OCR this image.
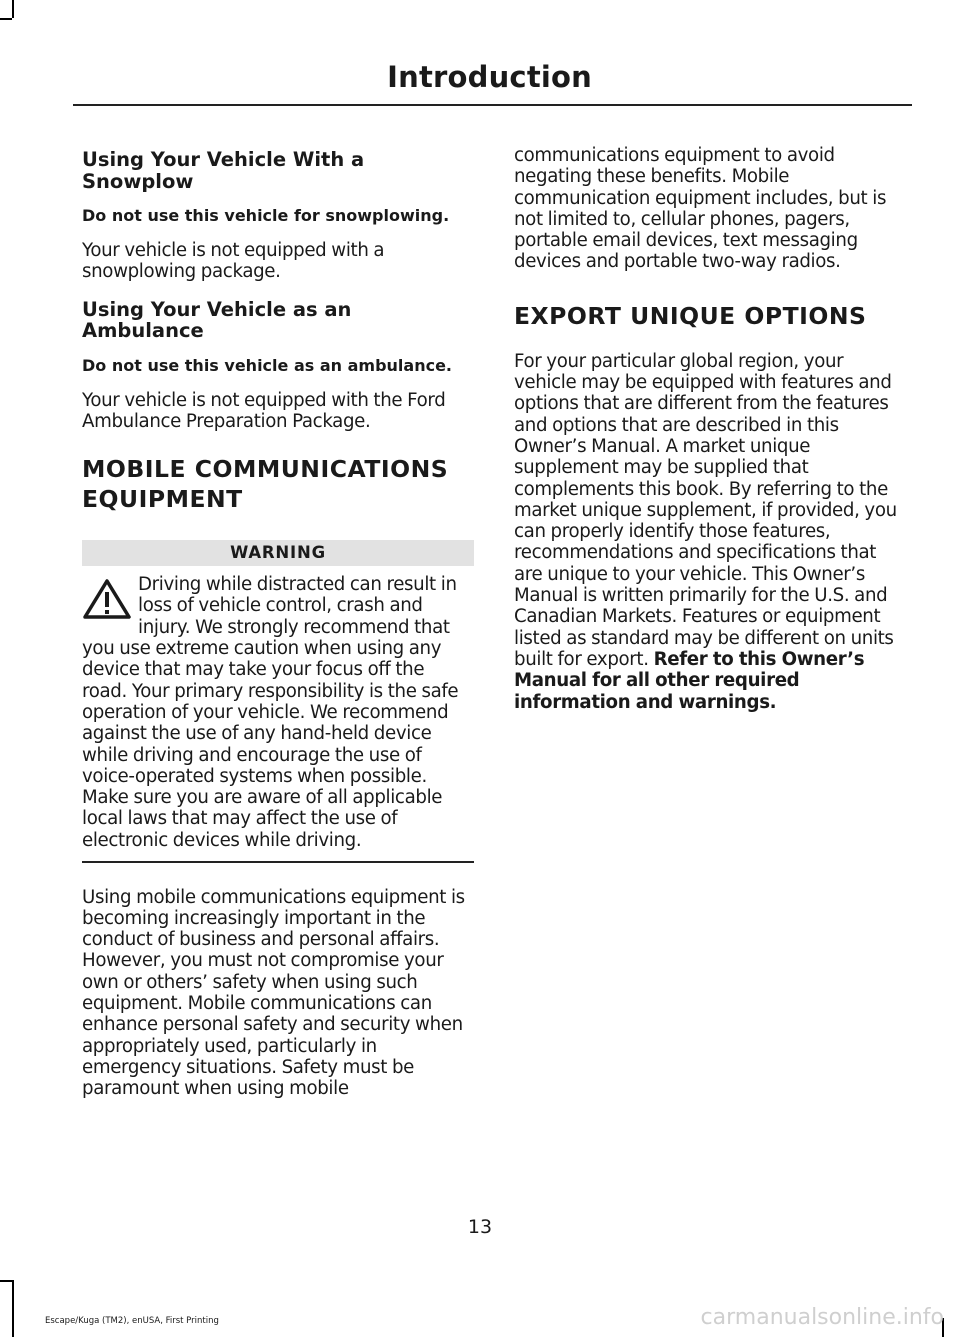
Introduction
Using Your Vehicle With a Snowplow
Do not use this vehicle for snowplowing.

Your vehicle is not equipped with a snowplowing package.

Using Your Vehicle as an Ambulance
Do not use this vehicle as an ambulance.

Your vehicle is not equipped with the Ford Ambulance Preparation Package.

MOBILE COMMUNICATIONS
EQUIPMENT
WARNING

Driving while distracted can result in loss of vehicle control, crash and injury. We strongly recommend that you use extreme caution when using any device that may take your focus off the road. Your primary responsibility is the safe operation of your vehicle. We recommend against the use of any hand-held device while driving and encourage the use of voice-operated systems when possible. Make sure you are aware of all applicable local laws that may affect the use of electronic devices while driving.

Using mobile communications equipment is becoming increasingly important in the conduct of business and personal affairs. However, you must not compromise your own or others’ safety when using such equipment. Mobile communications can enhance personal safety and security when appropriately used, particularly in emergency situations. Safety must be paramount when using mobile

communications equipment to avoid negating these benefits. Mobile communication equipment includes, but is not limited to, cellular phones, pagers, portable email devices, text messaging devices and portable two-way radios.

EXPORT UNIQUE OPTIONS

For your particular global region, your vehicle may be equipped with features and options that are different from the features and options that are described in this Owner’s Manual. A market unique supplement may be supplied that complements this book. By referring to the market unique supplement, if provided, you can properly identify those features, recommendations and specifications that are unique to your vehicle. This Owner’s Manual is written primarily for the U.S. and Canadian Markets. Features or equipment listed as standard may be different on units built for export. Refer to this Owner’s Manual for all other required information and warnings.

13
Escape/Kuga (TM2), enUSA, First Printing	carmanualsonline.info
